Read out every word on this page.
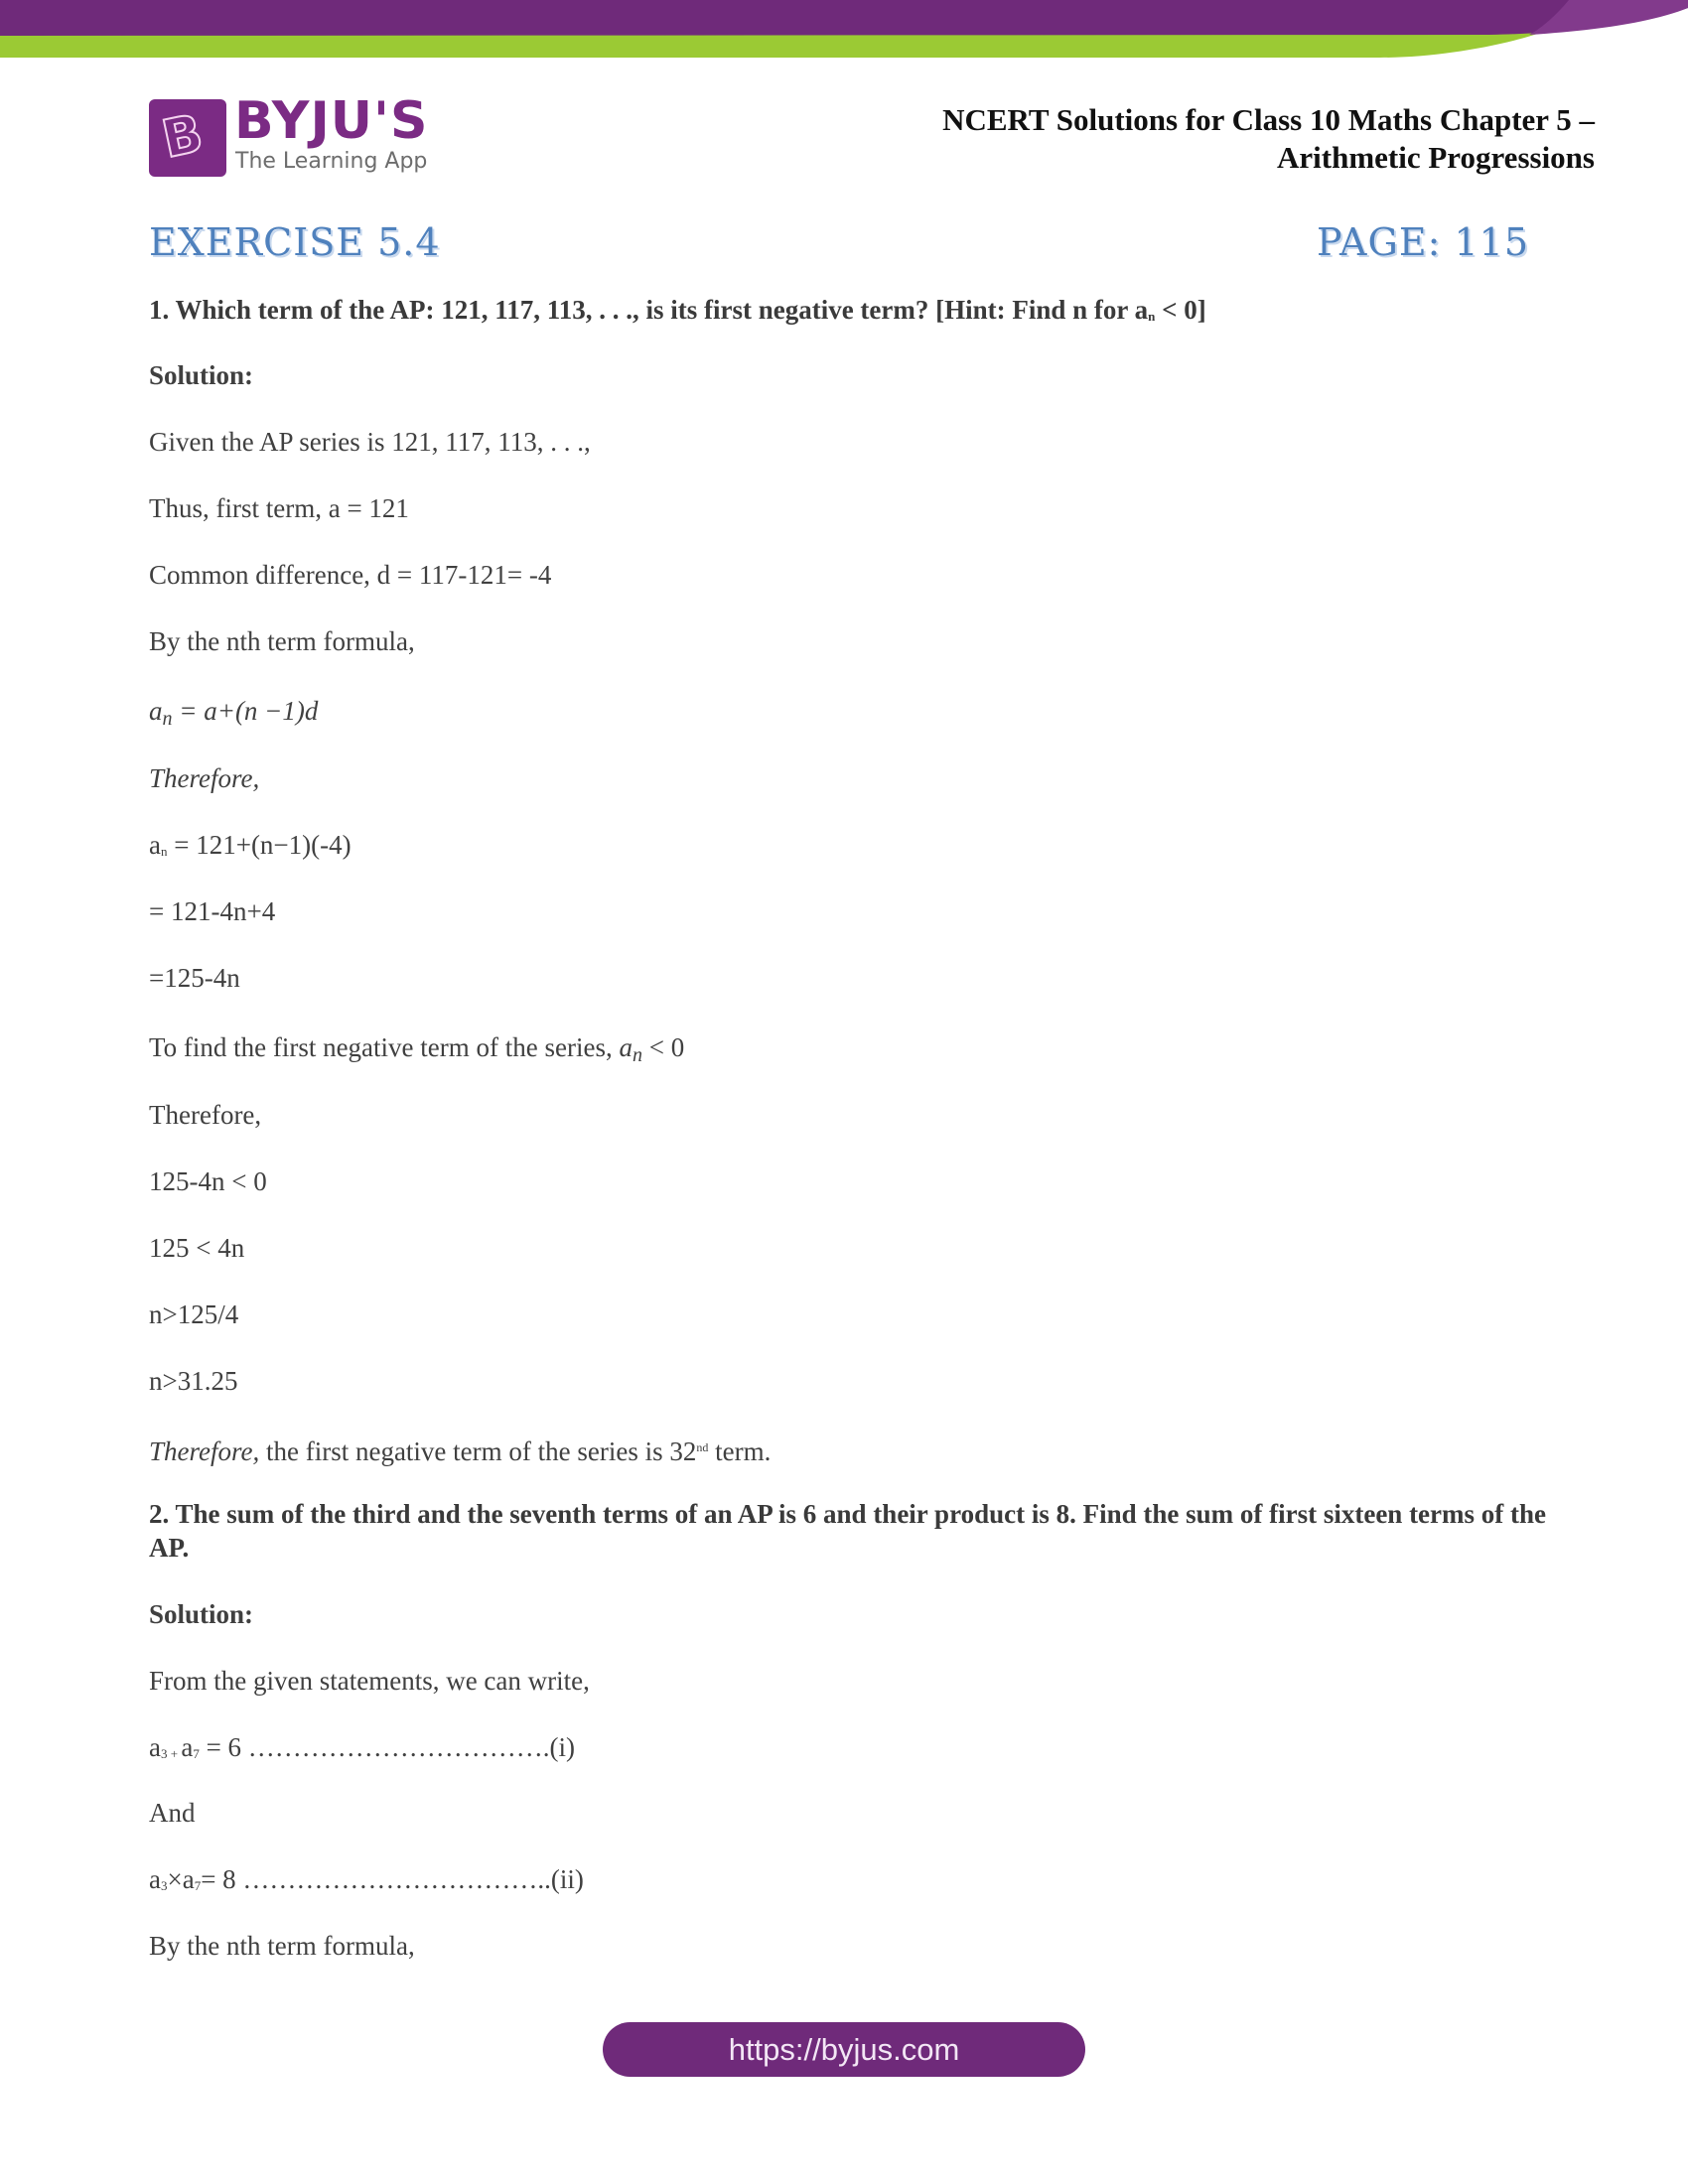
B BYJU'S
The Learning App
NCERT Solutions for Class 10 Maths Chapter 5 –
Arithmetic Progressions
EXERCISE 5.4	PAGE: 115
1. Which term of the AP: 121, 117, 113, . . ., is its first negative term? [Hint: Find n for $a_n < 0$]
Solution:
Given the AP series is 121, 117, 113, . . .,
Thus, first term, a = 121
Common difference, d = 117-121= -4
By the nth term formula,
$a_n = a+(n -1)d$
Therefore,
$a_n = 121+(n-1)(-4)$
= 121-4n+4
=125-4n
To find the first negative term of the series, $a_n < 0$
Therefore,
125-4n < 0
125 < 4n
n>125/4
n>31.25
Therefore, the first negative term of the series is 32nd term.
2. The sum of the third and the seventh terms of an AP is 6 and their product is 8. Find the sum of first sixteen terms of the AP.
Solution:
From the given statements, we can write,
$a_{3 +}$ $a_7 = 6$ …………………………….(i)
And
$a_3\times a_7= 8$ ……………………………..(ii)
By the nth term formula,
https://byjus.com
